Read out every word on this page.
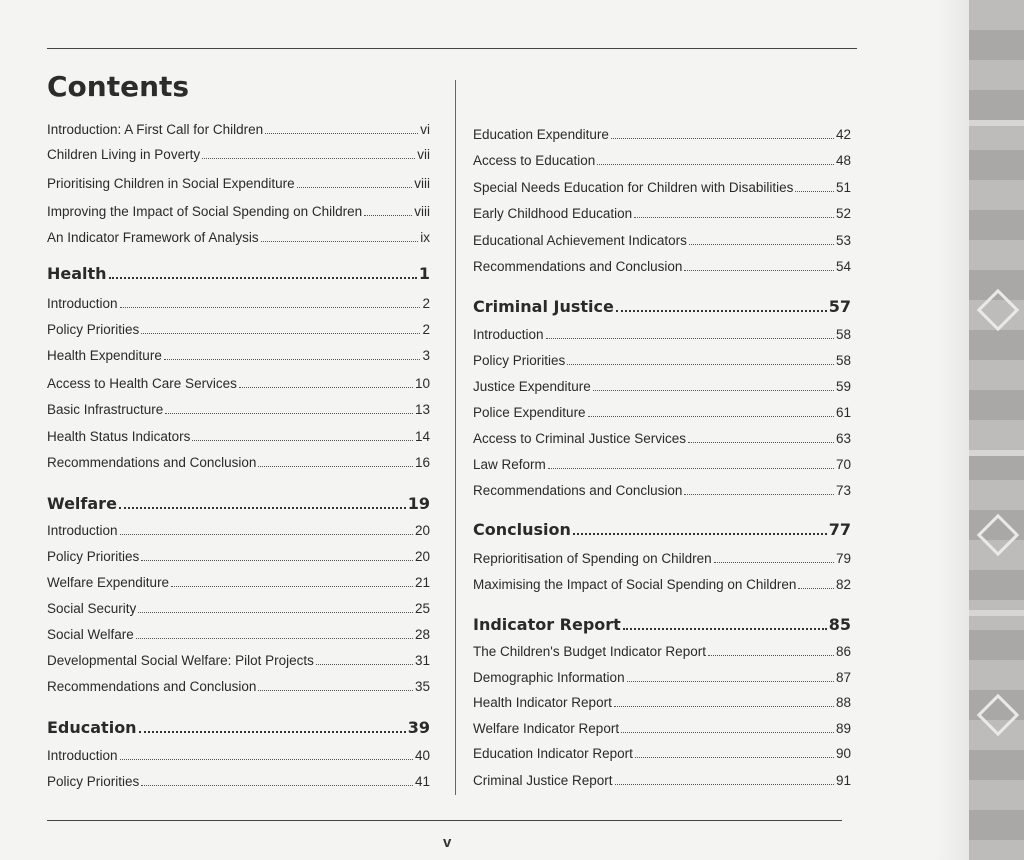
Contents
Introduction: A First Call for Children	vi
Children Living in Poverty	vii
Prioritising Children in Social Expenditure	viii
Improving the Impact of Social Spending on Children	viii
An Indicator Framework of Analysis	ix
Health	1
Introduction	2
Policy Priorities	2
Health Expenditure	3
Access to Health Care Services	10
Basic Infrastructure	13
Health Status Indicators	14
Recommendations and Conclusion	16
Welfare	19
Introduction	20
Policy Priorities	20
Welfare Expenditure	21
Social Security	25
Social Welfare	28
Developmental Social Welfare: Pilot Projects	31
Recommendations and Conclusion	35
Education	39
Introduction	40
Policy Priorities	41
Education Expenditure	42
Access to Education	48
Special Needs Education for Children with Disabilities	51
Early Childhood Education	52
Educational Achievement Indicators	53
Recommendations and Conclusion	54
Criminal Justice	57
Introduction	58
Policy Priorities	58
Justice Expenditure	59
Police Expenditure	61
Access to Criminal Justice Services	63
Law Reform	70
Recommendations and Conclusion	73
Conclusion	77
Reprioritisation of Spending on Children	79
Maximising the Impact of Social Spending on Children	82
Indicator Report	85
The Children's Budget Indicator Report	86
Demographic Information	87
Health Indicator Report	88
Welfare Indicator Report	89
Education Indicator Report	90
Criminal Justice Report	91
v
